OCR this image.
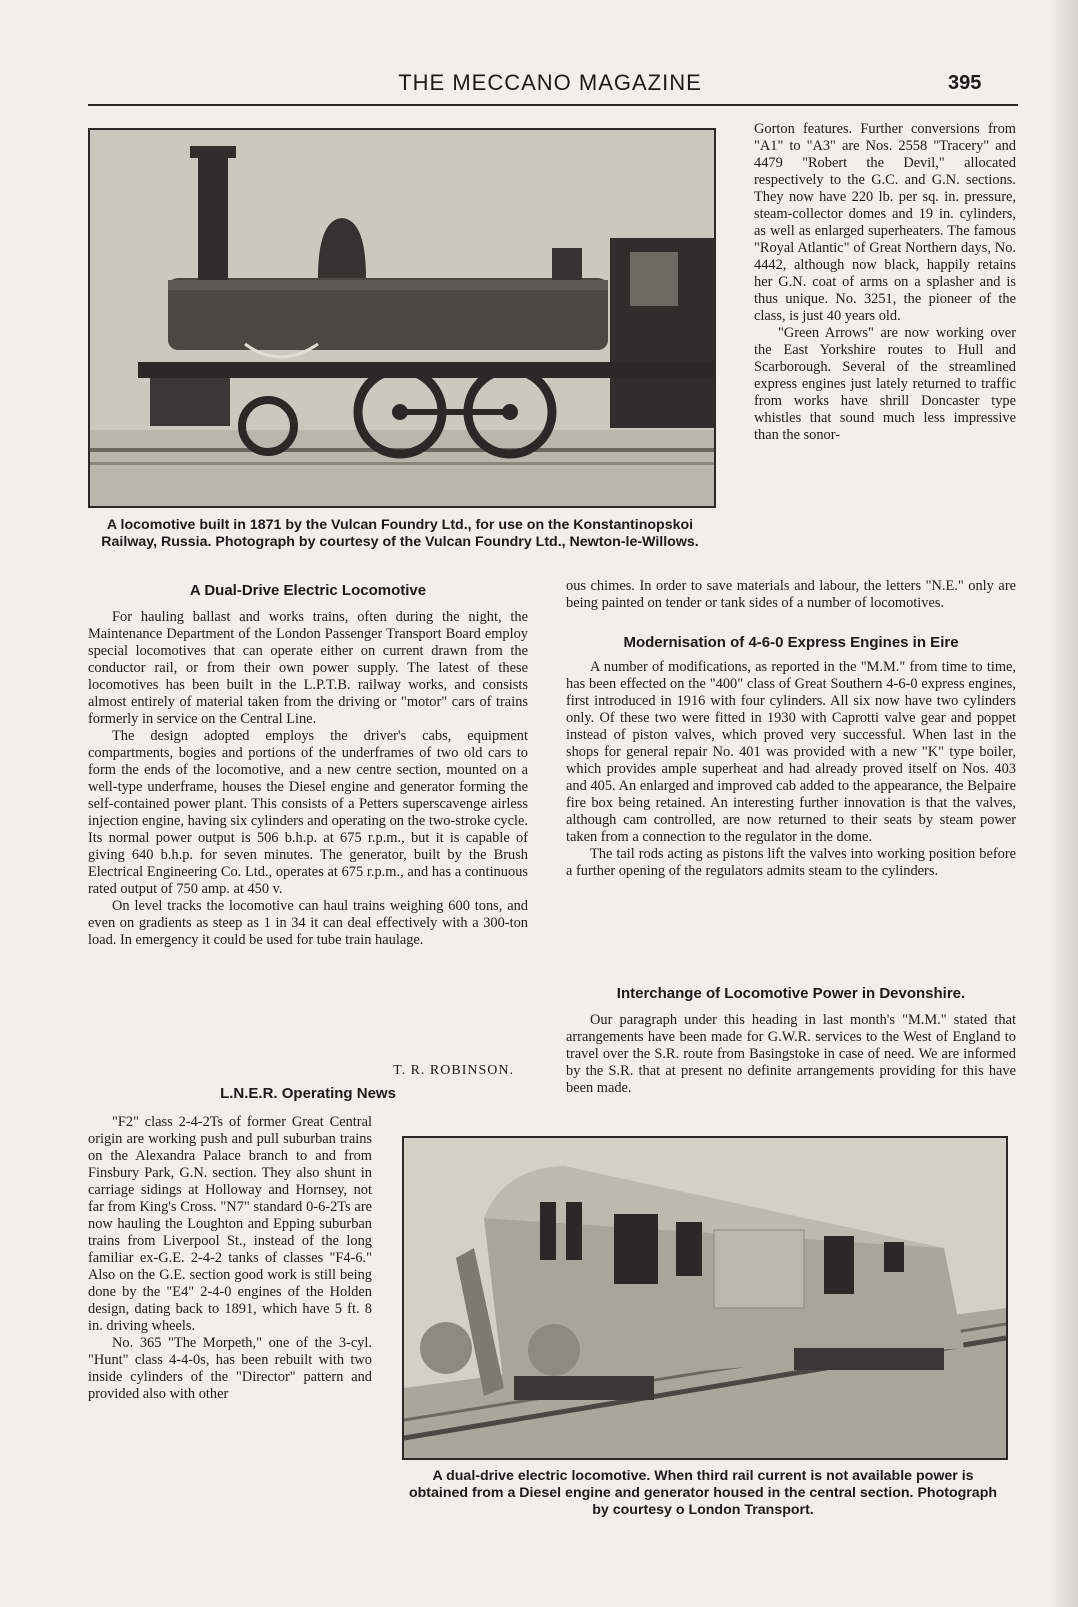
THE MECCANO MAGAZINE	395
A locomotive built in 1871 by the Vulcan Foundry Ltd., for use on the Konstantinopskoi Railway, Russia. Photograph by courtesy of the Vulcan Foundry Ltd., Newton-le-Willows.

Gorton features. Further conversions from "A1" to "A3" are Nos. 2558 "Tracery" and 4479 "Robert the Devil," allocated respectively to the G.C. and G.N. sections. They now have 220 lb. per sq. in. pressure, steam-collector domes and 19 in. cylinders, as well as enlarged superheaters. The famous "Royal Atlantic" of Great Northern days, No. 4442, although now black, happily retains her G.N. coat of arms on a splasher and is thus unique. No. 3251, the pioneer of the class, is just 40 years old.

"Green Arrows" are now working over the East Yorkshire routes to Hull and Scarborough. Several of the streamlined express engines just lately returned to traffic from works have shrill Doncaster type whistles that sound much less impressive than the sonor-

ous chimes. In order to save materials and labour, the letters "N.E." only are being painted on tender or tank sides of a number of locomotives.
A Dual-Drive Electric Locomotive

For hauling ballast and works trains, often during the night, the Maintenance Department of the London Passenger Transport Board employ special locomotives that can operate either on current drawn from the conductor rail, or from their own power supply. The latest of these locomotives has been built in the L.P.T.B. railway works, and consists almost entirely of material taken from the driving or "motor" cars of trains formerly in service on the Central Line.

The design adopted employs the driver's cabs, equipment compartments, bogies and portions of the underframes of two old cars to form the ends of the locomotive, and a new centre section, mounted on a well-type underframe, houses the Diesel engine and generator forming the self-contained power plant. This consists of a Petters superscavenge airless injection engine, having six cylinders and operating on the two-stroke cycle. Its normal power output is 506 b.h.p. at 675 r.p.m., but it is capable of giving 640 b.h.p. for seven minutes. The generator, built by the Brush Electrical Engineering Co. Ltd., operates at 675 r.p.m., and has a continuous rated output of 750 amp. at 450 v.

On level tracks the locomotive can haul trains weighing 600 tons, and even on gradients as steep as 1 in 34 it can deal effectively with a 300-ton load. In emergency it could be used for tube train haulage.

T. R. ROBINSON.
L.N.E.R. Operating News

"F2" class 2-4-2Ts of former Great Central origin are working push and pull suburban trains on the Alexandra Palace branch to and from Finsbury Park, G.N. section. They also shunt in carriage sidings at Holloway and Hornsey, not far from King's Cross. "N7" standard 0-6-2Ts are now hauling the Loughton and Epping suburban trains from Liverpool St., instead of the long familiar ex-G.E. 2-4-2 tanks of classes "F4-6." Also on the G.E. section good work is still being done by the "E4" 2-4-0 engines of the Holden design, dating back to 1891, which have 5 ft. 8 in. driving wheels.

No. 365 "The Morpeth," one of the 3-cyl. "Hunt" class 4-4-0s, has been rebuilt with two inside cylinders of the "Director" pattern and provided also with other

Modernisation of 4-6-0 Express Engines in Eire

A number of modifications, as reported in the "M.M." from time to time, has been effected on the "400" class of Great Southern 4-6-0 express engines, first introduced in 1916 with four cylinders. All six now have two cylinders only. Of these two were fitted in 1930 with Caprotti valve gear and poppet instead of piston valves, which proved very successful. When last in the shops for general repair No. 401 was provided with a new "K" type boiler, which provides ample superheat and had already proved itself on Nos. 403 and 405. An enlarged and improved cab added to the appearance, the Belpaire fire box being retained. An interesting further innovation is that the valves, although cam controlled, are now returned to their seats by steam power taken from a connection to the regulator in the dome.

The tail rods acting as pistons lift the valves into working position before a further opening of the regulators admits steam to the cylinders.

Interchange of Locomotive Power in Devonshire.

Our paragraph under this heading in last month's "M.M." stated that arrangements have been made for G.W.R. services to the West of England to travel over the S.R. route from Basingstoke in case of need. We are informed by the S.R. that at present no definite arrangements providing for this have been made.

A dual-drive electric locomotive. When third rail current is not available power is obtained from a Diesel engine and generator housed in the central section. Photograph by courtesy o London Transport.
